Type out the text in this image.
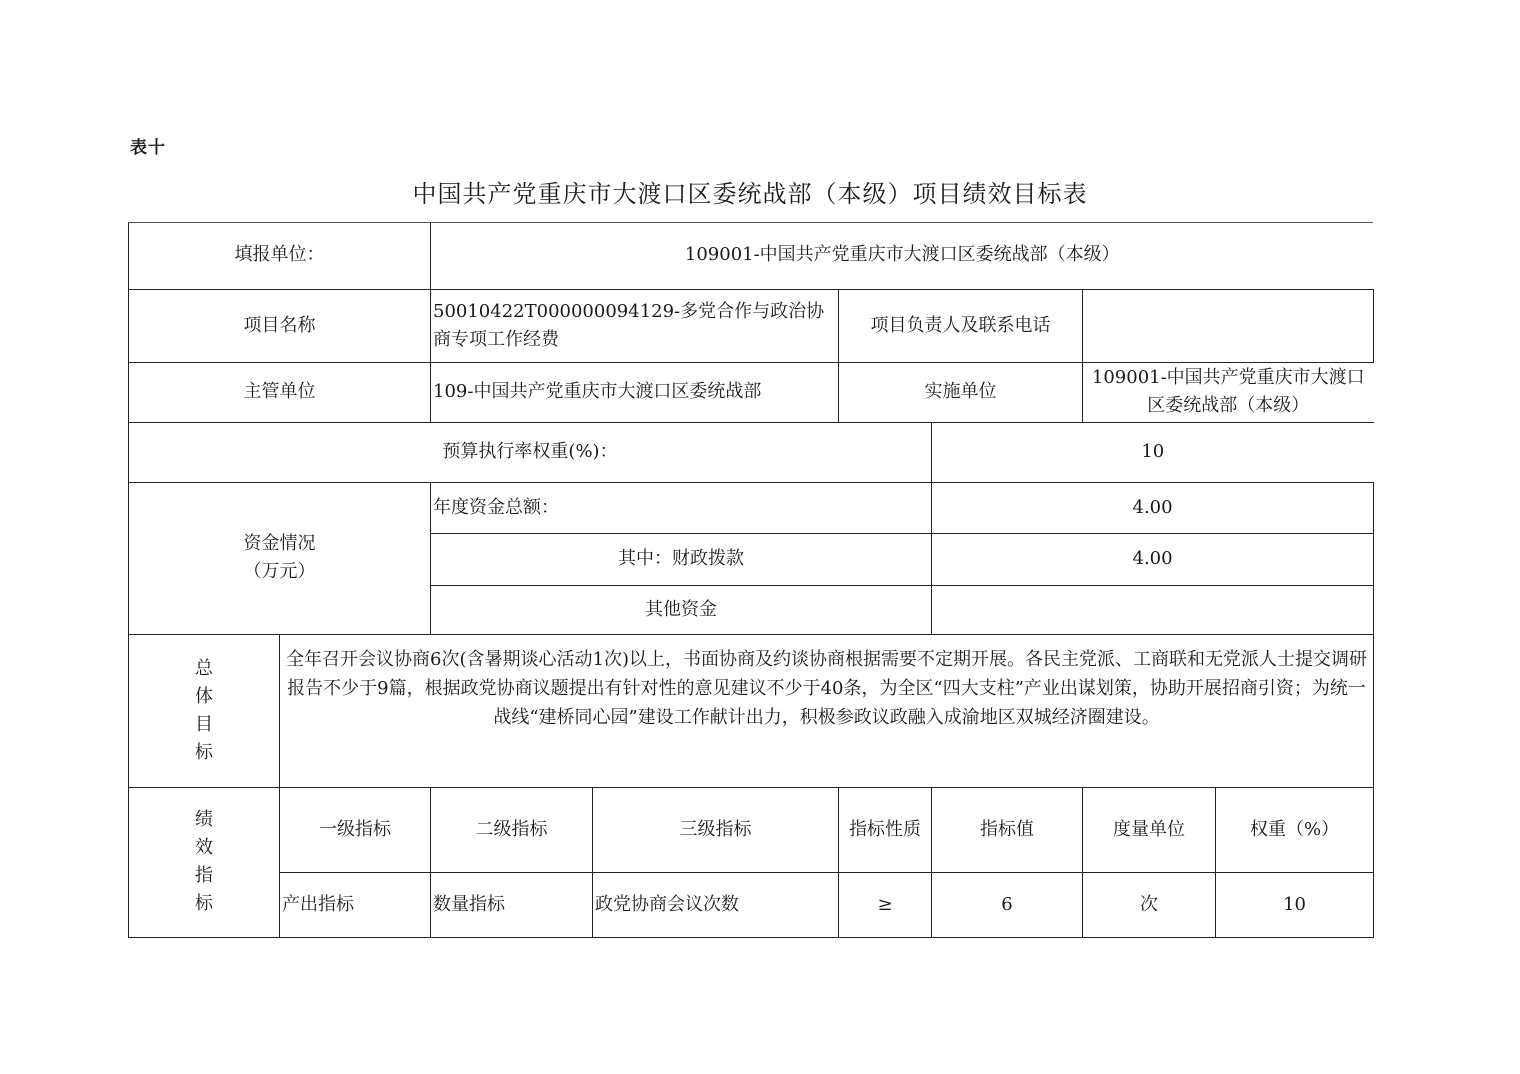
表十
中国共产党重庆市大渡口区委统战部（本级）项目绩效目标表
填报单位：		109001-中国共产党重庆市大渡口区委统战部（本级）					
项目名称		50010422T000000094129-多党合作与政治协商专项工作经费		项目负责人及联系电话			
主管单位		109-中国共产党重庆市大渡口区委统战部		实施单位		109001-中国共产党重庆市大渡口区委统战部（本级）	
预算执行率权重(%)：					10		
资金情况
（万元）		年度资金总额：			4.00		
		其中：财政拨款			4.00		
		其他资金					
总体目标	全年召开会议协商6次(含暑期谈心活动1次)以上，书面协商及约谈协商根据需要不定期开展。各民主党派、工商联和无党派人士提交调研报告不少于9篇，根据政党协商议题提出有针对性的意见建议不少于40条，为全区“四大支柱”产业出谋划策，协助开展招商引资；为统一战线“建桥同心园”建设工作献计出力，积极参政议政融入成渝地区双城经济圈建设。						

绩效指标	一级指标	二级指标	三级指标	指标性质	指标值	度量单位	权重（%）
	产出指标	数量指标	政党协商会议次数	≥	6	次	10
